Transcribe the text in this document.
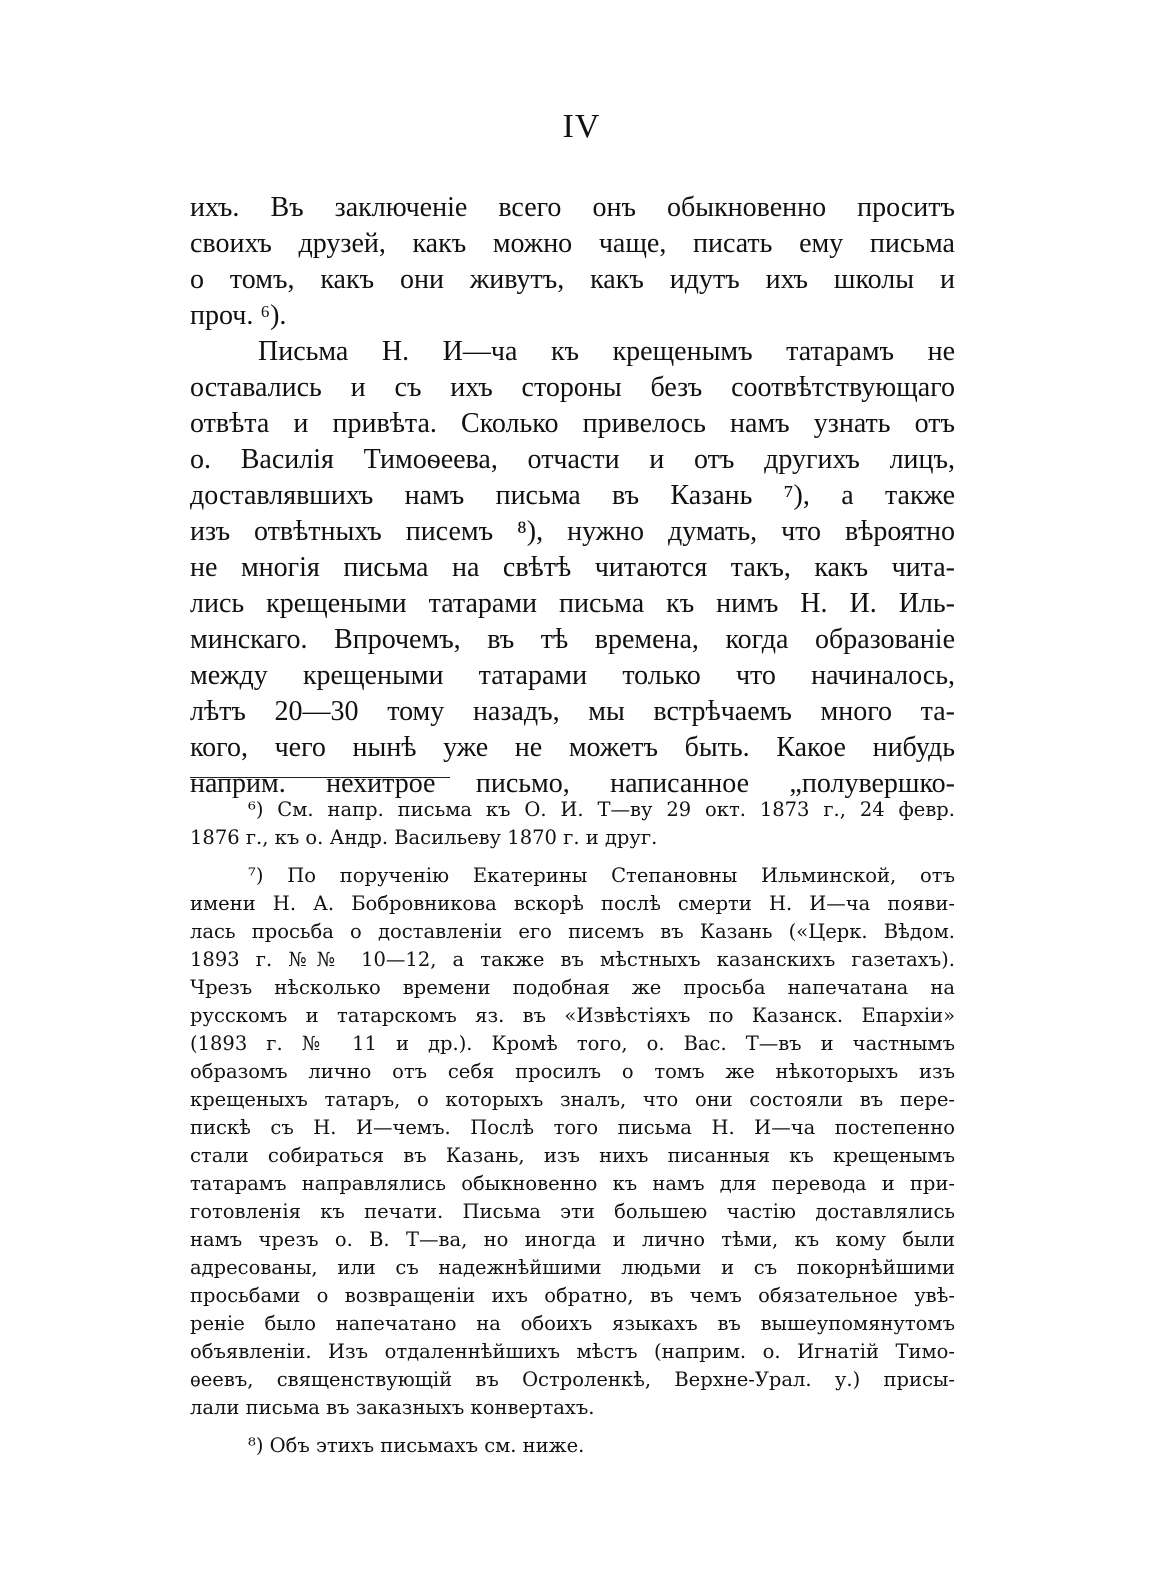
IV
ихъ. Въ заключенiе всего онъ обыкновенно проситъ
своихъ друзей, какъ можно чаще, писать ему письма
о томъ, какъ они живутъ, какъ идутъ ихъ школы и
проч. ⁶).
Письма Н. И—ча къ крещенымъ татарамъ не
оставались и съ ихъ стороны безъ соотвѣтствующаго
отвѣта и привѣта. Сколько привелось намъ узнать отъ
о. Василiя Тимоѳеева, отчасти и отъ другихъ лицъ,
доставлявшихъ намъ письма въ Казань ⁷), а также
изъ отвѣтныхъ писемъ ⁸), нужно думать, что вѣроятно
не многiя письма на свѣтѣ читаются такъ, какъ чита-
лись крещеными татарами письма къ нимъ Н. И. Иль-
минскаго. Впрочемъ, въ тѣ времена, когда образованiе
между крещеными татарами только что начиналось,
лѣтъ 20—30 тому назадъ, мы встрѣчаемъ много та-
кого, чего нынѣ уже не можетъ быть. Какое нибудь
наприм. нехитрое письмо, написанное „полувершко-
⁶) См. напр. письма къ О. И. Т—ву 29 окт. 1873 г., 24 февр.
1876 г., къ о. Андр. Васильеву 1870 г. и друг.
⁷) По порученiю Екатерины Степановны Ильминской, отъ
имени Н. А. Бобровникова вскорѣ послѣ смерти Н. И—ча появи-
лась просьба о доставленiи его писемъ въ Казань («Церк. Вѣдом.
1893 г. №№ 10—12, а также въ мѣстныхъ казанскихъ газетахъ).
Чрезъ нѣсколько времени подобная же просьба напечатана на
русскомъ и татарскомъ яз. въ «Извѣстiяхъ по Казанск. Епархiи»
(1893 г. № 11 и др.). Кромѣ того, о. Вас. Т—въ и частнымъ
образомъ лично отъ себя просилъ о томъ же нѣкоторыхъ изъ
крещеныхъ татаръ, о которыхъ зналъ, что они состояли въ пере-
пискѣ съ Н. И—чемъ. Послѣ того письма Н. И—ча постепенно
стали собираться въ Казань, изъ нихъ писанныя къ крещенымъ
татарамъ направлялись обыкновенно къ намъ для перевода и при-
готовленiя къ печати. Письма эти большею частiю доставлялись
намъ чрезъ о. В. Т—ва, но иногда и лично тѣми, къ кому были
адресованы, или съ надежнѣйшими людьми и съ покорнѣйшими
просьбами о возвращенiи ихъ обратно, въ чемъ обязательное увѣ-
ренiе было напечатано на обоихъ языкахъ въ вышеупомянутомъ
объявленiи. Изъ отдаленнѣйшихъ мѣстъ (наприм. о. Игнатiй Тимо-
ѳеевъ, священствующiй въ Остроленкѣ, Верхне-Урал. у.) присы-
лали письма въ заказныхъ конвертахъ.
⁸) Объ этихъ письмахъ см. ниже.
